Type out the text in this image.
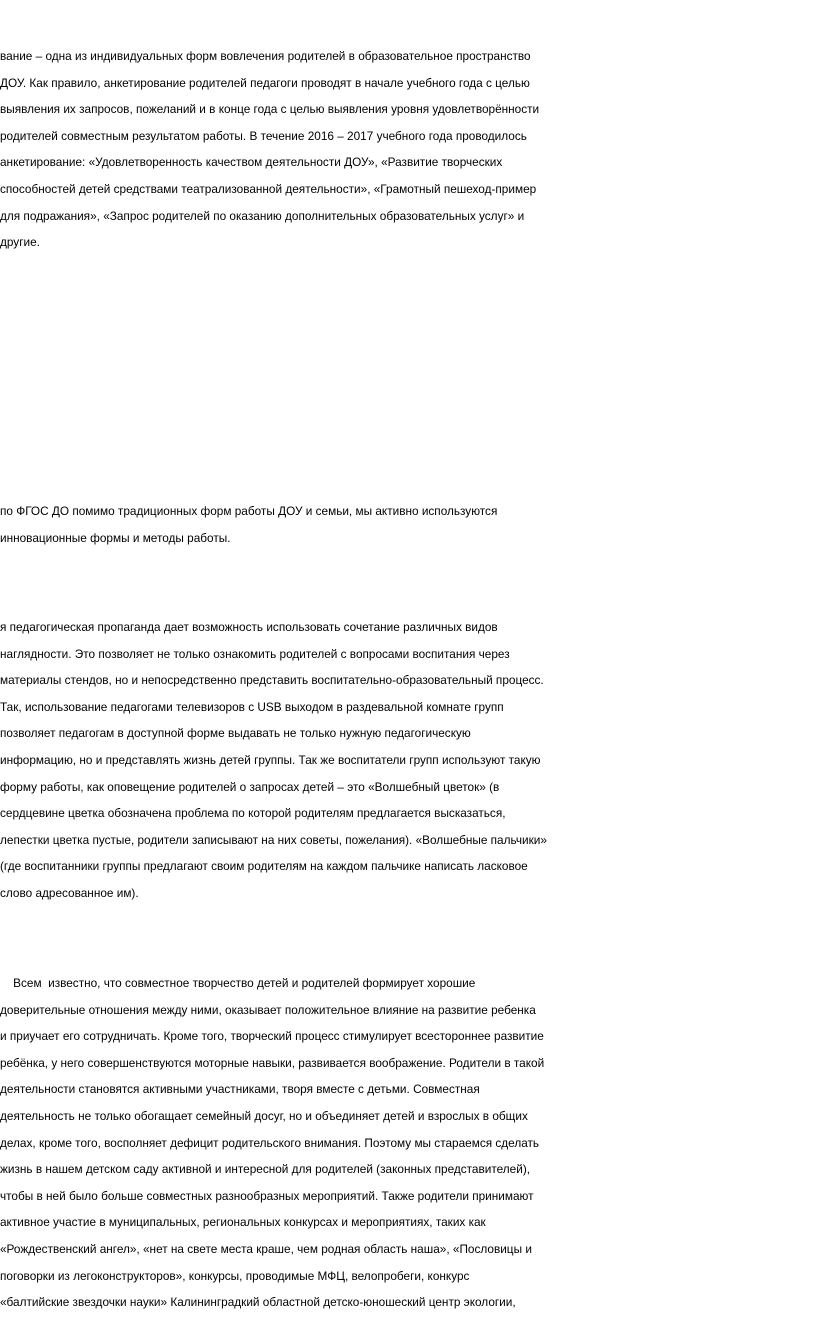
вание – одна из индивидуальных форм вовлечения родителей в образовательное пространство
ДОУ. Как правило, анкетирование родителей педагоги проводят в начале учебного года с целью
выявления их запросов, пожеланий и в конце года с целью выявления уровня удовлетворённости
родителей совместным результатом работы. В течение 2016 – 2017 учебного года проводилось
анкетирование: «Удовлетворенность качеством деятельности ДОУ», «Развитие творческих
способностей детей средствами театрализованной деятельности», «Грамотный пешеход-пример
для подражания», «Запрос родителей по оказанию дополнительных образовательных услуг» и
другие.
по ФГОС ДО помимо традиционных форм работы ДОУ и семьи, мы активно используются
инновационные формы и методы работы.
я педагогическая пропаганда дает возможность использовать сочетание различных видов
наглядности. Это позволяет не только ознакомить родителей с вопросами воспитания через
материалы стендов, но и непосредственно представить воспитательно-образовательный процесс.
Так, использование педагогами телевизоров с USB выходом в раздевальной комнате групп
позволяет педагогам в доступной форме выдавать не только нужную педагогическую
информацию, но и представлять жизнь детей группы. Так же воспитатели групп используют такую
форму работы, как оповещение родителей о запросах детей – это «Волшебный цветок» (в
сердцевине цветка обозначена проблема по которой родителям предлагается высказаться,
лепестки цветка пустые, родители записывают на них советы, пожелания). «Волшебные пальчики»
(где воспитанники группы предлагают своим родителям на каждом пальчике написать ласковое
слово адресованное им).
Всем  известно, что совместное творчество детей и родителей формирует хорошие
доверительные отношения между ними, оказывает положительное влияние на развитие ребенка
и приучает его сотрудничать. Кроме того, творческий процесс стимулирует всестороннее развитие
ребёнка, у него совершенствуются моторные навыки, развивается воображение. Родители в такой
деятельности становятся активными участниками, творя вместе с детьми. Совместная
деятельность не только обогащает семейный досуг, но и объединяет детей и взрослых в общих
делах, кроме того, восполняет дефицит родительского внимания. Поэтому мы стараемся сделать
жизнь в нашем детском саду активной и интересной для родителей (законных представителей),
чтобы в ней было больше совместных разнообразных мероприятий. Также родители принимают
активное участие в муниципальных, региональных конкурсах и мероприятиях, таких как
«Рождественский ангел», «нет на свете места краше, чем родная область наша», «Пословицы и
поговорки из легоконструкторов», конкурсы, проводимые МФЦ, велопробеги, конкурс
«балтийские звездочки науки» Калининградкий областной детско-юношеский центр экологии,
